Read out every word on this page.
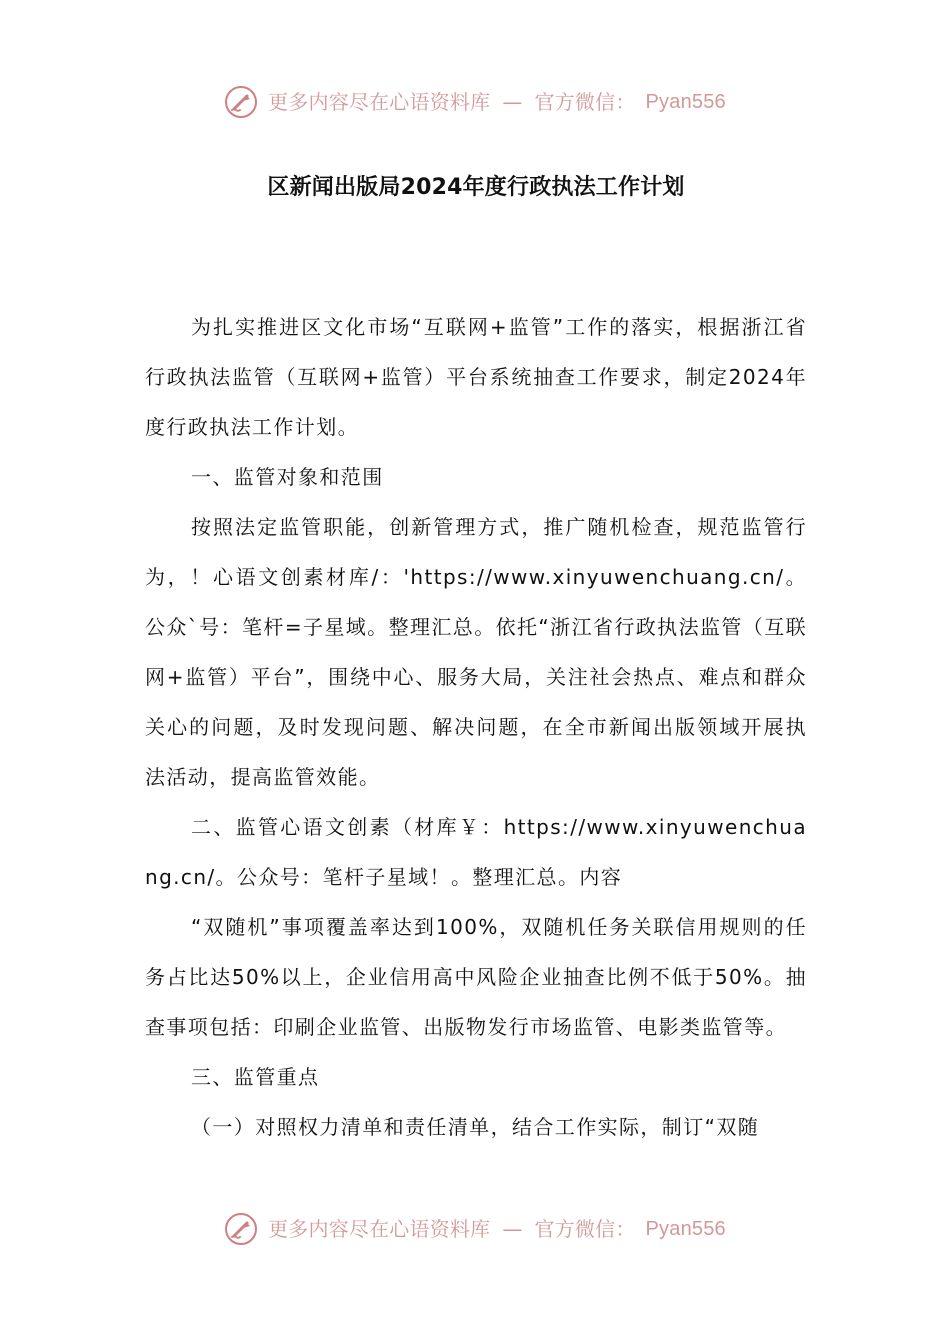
更多内容尽在心语资料库 — 官方微信： Pyan556
区新闻出版局2024年度行政执法工作计划

为扎实推进区文化市场“互联网+监管”工作的落实，根据浙江省行政执法监管（互联网+监管）平台系统抽查工作要求，制定2024年度行政执法工作计划。

一、监管对象和范围

按照法定监管职能，创新管理方式，推广随机检查，规范监管行为，！心语文创素材库/：'https://www.xinyuwenchuang.cn/。公众`号：笔杆=子星域。整理汇总。依托“浙江省行政执法监管（互联网+监管）平台”，围绕中心、服务大局，关注社会热点、难点和群众关心的问题，及时发现问题、解决问题，在全市新闻出版领域开展执法活动，提高监管效能。

二、监管心语文创素（材库￥：https://www.xinyuwenchuang.cn/。公众号：笔杆子星域！。整理汇总。内容

“双随机”事项覆盖率达到100%，双随机任务关联信用规则的任务占比达50%以上，企业信用高中风险企业抽查比例不低于50%。抽查事项包括：印刷企业监管、出版物发行市场监管、电影类监管等。

三、监管重点

（一）对照权力清单和责任清单，结合工作实际，制订“双随

更多内容尽在心语资料库 — 官方微信： Pyan556
